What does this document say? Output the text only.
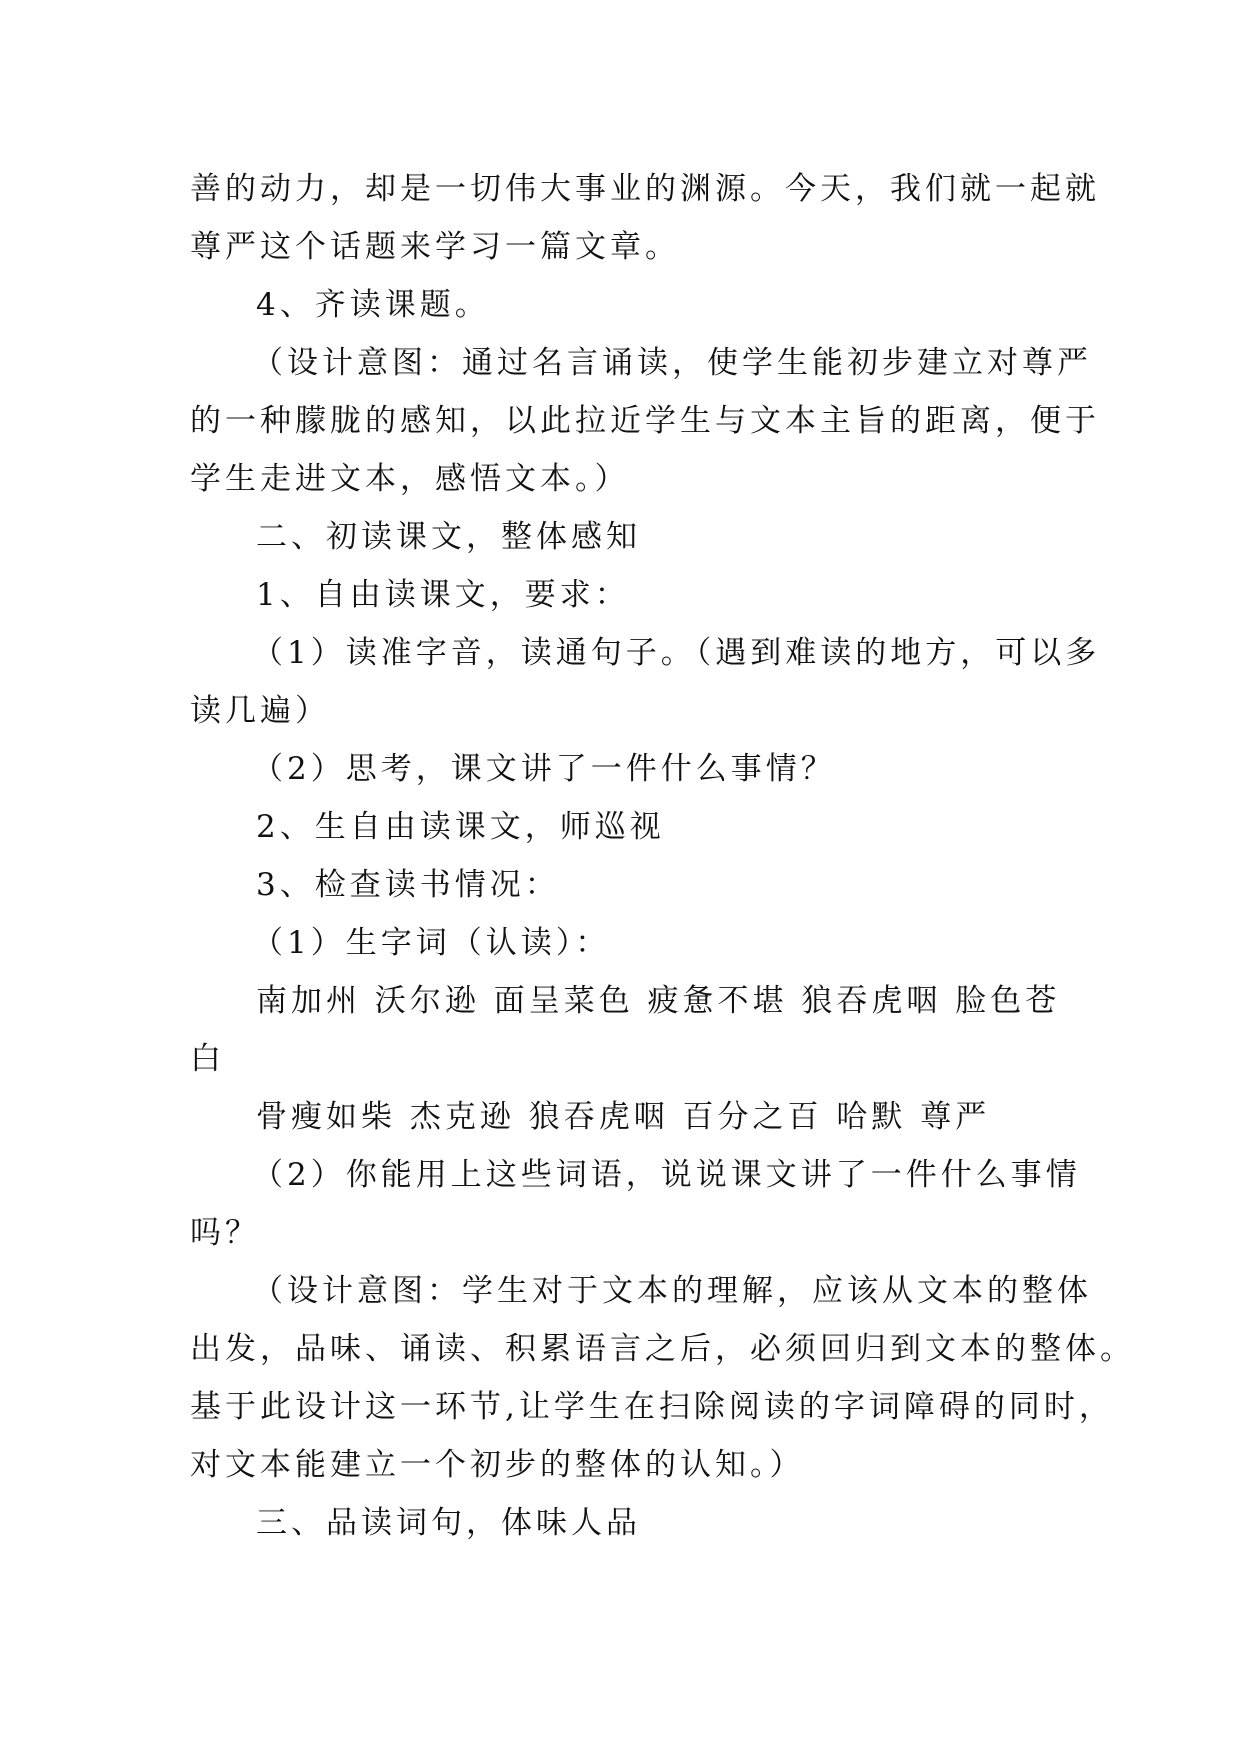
善的动力，却是一切伟大事业的渊源。今天，我们就一起就

尊严这个话题来学习一篇文章。

4、齐读课题。

（设计意图：通过名言诵读，使学生能初步建立对尊严

的一种朦胧的感知，以此拉近学生与文本主旨的距离，便于

学生走进文本，感悟文本。）

二、初读课文，整体感知

1、自由读课文，要求：

（1）读准字音，读通句子。（遇到难读的地方，可以多

读几遍）

（2）思考，课文讲了一件什么事情？

2、生自由读课文，师巡视

3、检查读书情况：

（1）生字词（认读）：

南加州 沃尔逊 面呈菜色 疲惫不堪 狼吞虎咽 脸色苍

白

骨瘦如柴 杰克逊 狼吞虎咽 百分之百 哈默 尊严

（2）你能用上这些词语，说说课文讲了一件什么事情

吗？

（设计意图：学生对于文本的理解，应该从文本的整体

出发，品味、诵读、积累语言之后，必须回归到文本的整体。

基于此设计这一环节,让学生在扫除阅读的字词障碍的同时，

对文本能建立一个初步的整体的认知。）

三、品读词句，体味人品
